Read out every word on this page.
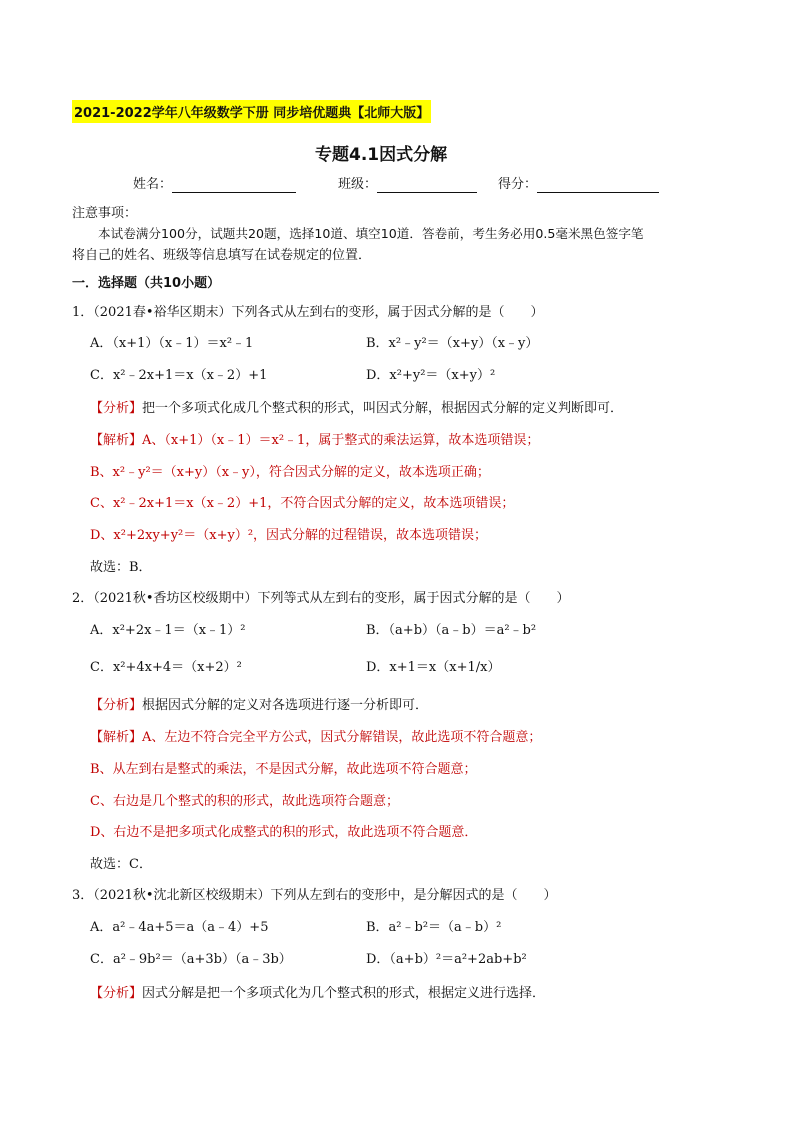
2021-2022学年八年级数学下册 同步培优题典【北师大版】
专题4.1因式分解
姓名：	班级：	得分：
注意事项：
本试卷满分100分，试题共20题，选择10道、填空10道．答卷前，考生务必用0.5毫米黑色签字笔
将自己的姓名、班级等信息填写在试卷规定的位置．
一．选择题（共10小题）
1．（2021春•裕华区期末）下列各式从左到右的变形，属于因式分解的是（　　）
A．（x+1）（x﹣1）＝x²﹣1	B．x²﹣y²＝（x+y）（x﹣y）
C．x²﹣2x+1＝x（x﹣2）+1	D．x²+y²＝（x+y）²
【分析】把一个多项式化成几个整式积的形式，叫因式分解，根据因式分解的定义判断即可．
【解析】A、（x+1）（x﹣1）＝x²﹣1，属于整式的乘法运算，故本选项错误；
B、x²﹣y²＝（x+y）（x﹣y），符合因式分解的定义，故本选项正确；
C、x²﹣2x+1＝x（x﹣2）+1，不符合因式分解的定义，故本选项错误；
D、x²+2xy+y²＝（x+y）²，因式分解的过程错误，故本选项错误；
故选：B．
2．（2021秋•香坊区校级期中）下列等式从左到右的变形，属于因式分解的是（　　）
A．x²+2x﹣1＝（x﹣1）²	B．（a+b）（a﹣b）＝a²﹣b²
C．x²+4x+4＝（x+2）²	D．x+1＝x（x+1/x）
【分析】根据因式分解的定义对各选项进行逐一分析即可．
【解析】A、左边不符合完全平方公式，因式分解错误，故此选项不符合题意；
B、从左到右是整式的乘法，不是因式分解，故此选项不符合题意；
C、右边是几个整式的积的形式，故此选项符合题意；
D、右边不是把多项式化成整式的积的形式，故此选项不符合题意．
故选：C．
3．（2021秋•沈北新区校级期末）下列从左到右的变形中，是分解因式的是（　　）
A．a²﹣4a+5＝a（a﹣4）+5	B．a²﹣b²＝（a﹣b）²
C．a²﹣9b²＝（a+3b）（a﹣3b）	D．（a+b）²＝a²+2ab+b²
【分析】因式分解是把一个多项式化为几个整式积的形式，根据定义进行选择．
